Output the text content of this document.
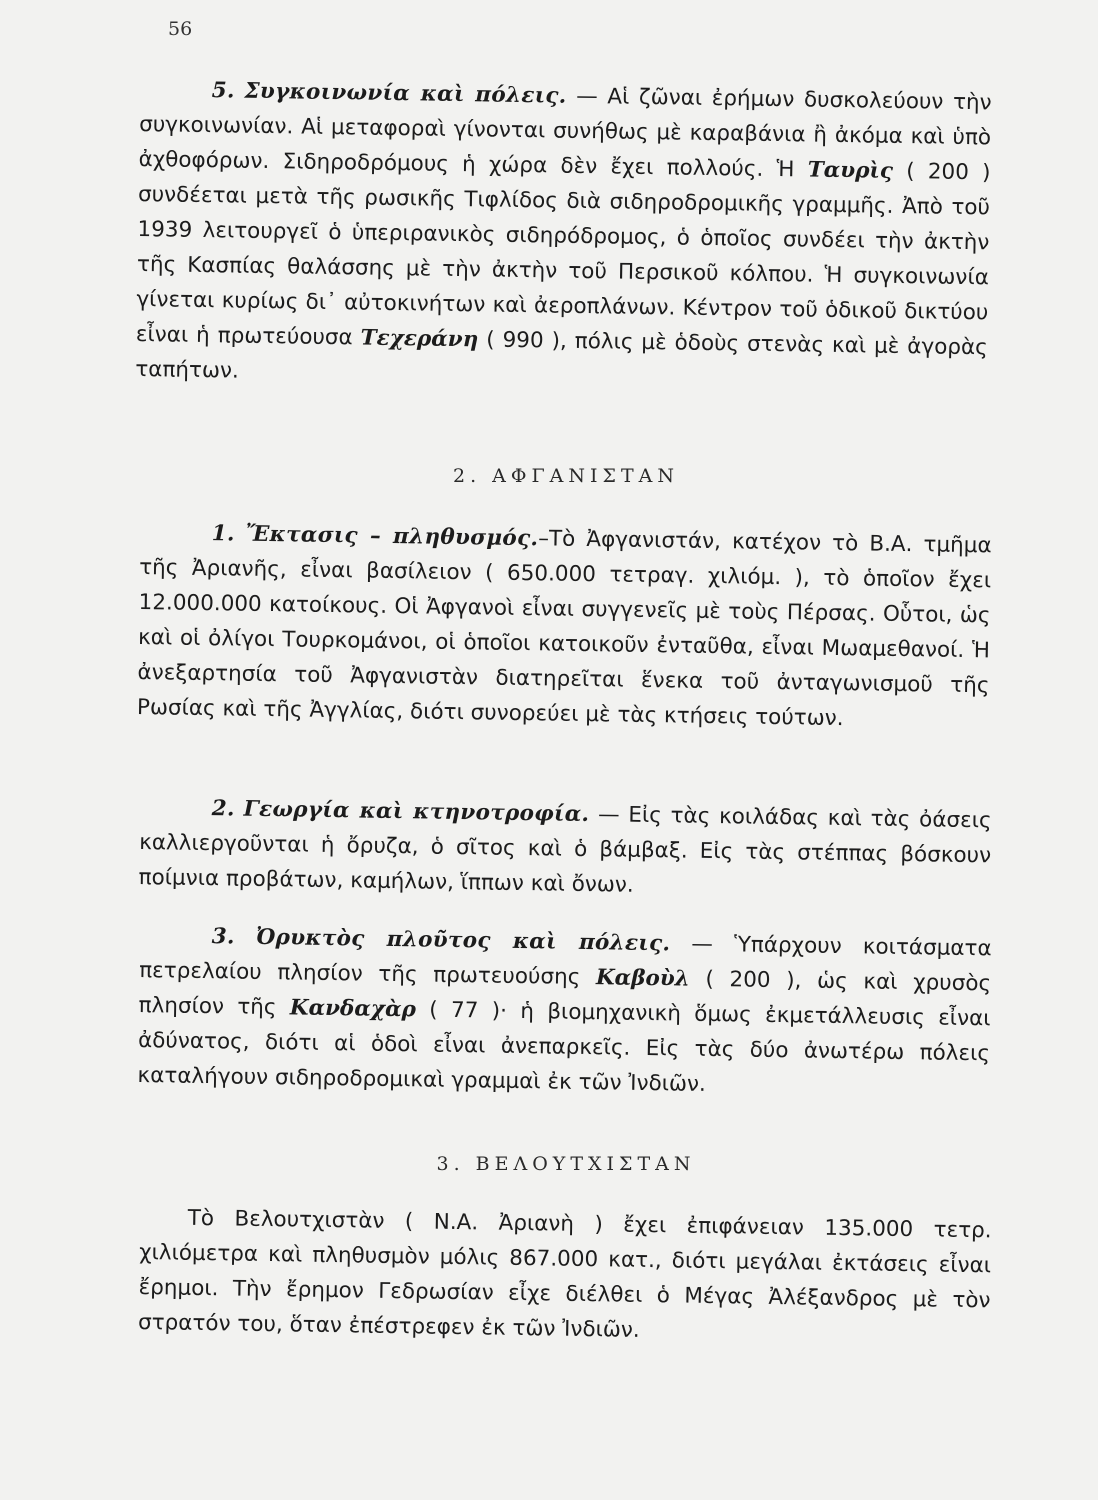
56

5. Συγκοινωνία καὶ πόλεις. — Αἱ ζῶναι ἐρήμων δυσκολεύουν τὴν συγκοινωνίαν. Αἱ μεταφοραὶ γίνονται συνήθως μὲ καραβάνια ἢ ἀκόμα καὶ ὑπὸ ἀχθοφόρων. Σιδηροδρόμους ἡ χώρα δὲν ἔχει πολλούς. Ἡ Ταυρὶς ( 200 ) συνδέεται μετὰ τῆς ρωσικῆς Τιφλίδος διὰ σιδηροδρομικῆς γραμμῆς. Ἀπὸ τοῦ 1939 λειτουργεῖ ὁ ὑπεριρανικὸς σιδηρόδρομος, ὁ ὁποῖος συνδέει τὴν ἀκτὴν τῆς Κασπίας θαλάσσης μὲ τὴν ἀκτὴν τοῦ Περσικοῦ κόλπου. Ἡ συγκοινωνία γίνεται κυρίως δι᾽ αὐτοκινήτων καὶ ἀεροπλάνων. Κέντρον τοῦ ὁδικοῦ δικτύου εἶναι ἡ πρωτεύουσα Τεχεράνη ( 990 ), πόλις μὲ ὁδοὺς στενὰς καὶ μὲ ἀγορὰς ταπήτων.

2. ΑΦΓΑΝΙΣΤΑΝ

1. Ἔκτασις – πληθυσμός.–Τὸ Ἀφγανιστάν, κατέχον τὸ Β.Α. τμῆμα τῆς Ἀριανῆς, εἶναι βασίλειον ( 650.000 τετραγ. χιλιόμ. ), τὸ ὁποῖον ἔχει 12.000.000 κατοίκους. Οἱ Ἀφγανοὶ εἶναι συγγενεῖς μὲ τοὺς Πέρσας. Οὗτοι, ὡς καὶ οἱ ὀλίγοι Τουρκομάνοι, οἱ ὁποῖοι κατοικοῦν ἐνταῦθα, εἶναι Μωαμεθανοί. Ἡ ἀνεξαρτησία τοῦ Ἀφγανιστὰν διατηρεῖται ἕνεκα τοῦ ἀνταγωνισμοῦ τῆς Ρωσίας καὶ τῆς Ἀγγλίας, διότι συνορεύει μὲ τὰς κτήσεις τούτων.

2. Γεωργία καὶ κτηνοτροφία. — Εἰς τὰς κοιλάδας καὶ τὰς ὀάσεις καλλιεργοῦνται ἡ ὄρυζα, ὁ σῖτος καὶ ὁ βάμβαξ. Εἰς τὰς στέππας βόσκουν ποίμνια προβάτων, καμήλων, ἵππων καὶ ὄνων.

3. Ὀρυκτὸς πλοῦτος καὶ πόλεις. — Ὑπάρχουν κοιτάσματα πετρελαίου πλησίον τῆς πρωτευούσης Καβοὺλ ( 200 ), ὡς καὶ χρυσὸς πλησίον τῆς Κανδαχὰρ ( 77 )· ἡ βιομηχανικὴ ὅμως ἐκμετάλλευσις εἶναι ἀδύνατος, διότι αἱ ὁδοὶ εἶναι ἀνεπαρκεῖς. Εἰς τὰς δύο ἀνωτέρω πόλεις καταλήγουν σιδηροδρομικαὶ γραμμαὶ ἐκ τῶν Ἰνδιῶν.

3. ΒΕΛΟΥΤΧΙΣΤΑΝ

Τὸ Βελουτχιστὰν ( Ν.Α. Ἀριανὴ ) ἔχει ἐπιφάνειαν 135.000 τετρ. χιλιόμετρα καὶ πληθυσμὸν μόλις 867.000 κατ., διότι μεγάλαι ἐκτάσεις εἶναι ἔρημοι. Τὴν ἔρημον Γεδρωσίαν εἶχε διέλθει ὁ Μέγας Ἀλέξανδρος μὲ τὸν στρατόν του, ὅταν ἐπέστρεφεν ἐκ τῶν Ἰνδιῶν.
